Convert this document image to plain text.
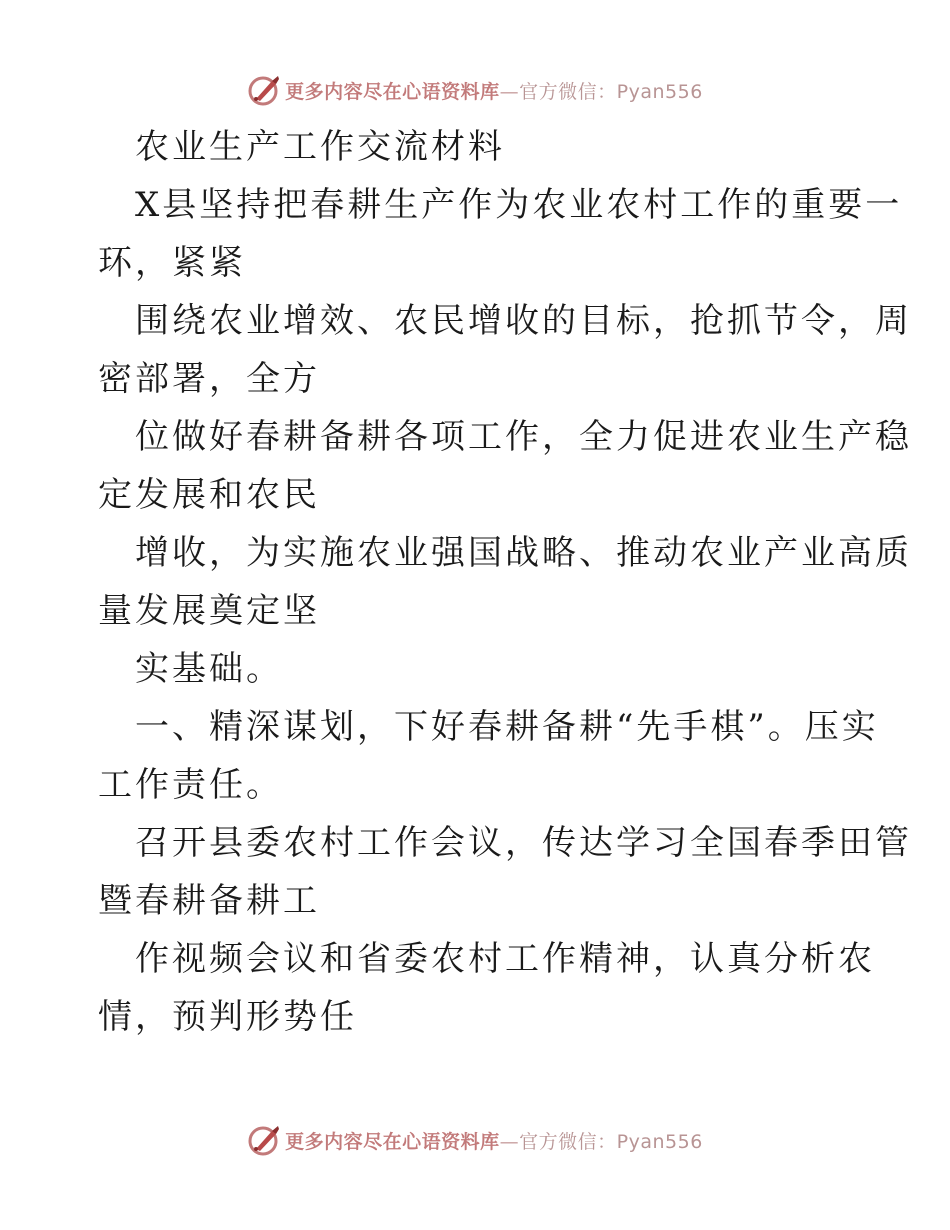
更多内容尽在心语资料库—官方微信：Pyan556
农业生产工作交流材料
X县坚持把春耕生产作为农业农村工作的重要一
环，紧紧
围绕农业增效、农民增收的目标，抢抓节令，周
密部署，全方
位做好春耕备耕各项工作，全力促进农业生产稳
定发展和农民
增收，为实施农业强国战略、推动农业产业高质
量发展奠定坚
实基础。
一、精深谋划，下好春耕备耕“先手棋”。压实
工作责任。
召开县委农村工作会议，传达学习全国春季田管
暨春耕备耕工
作视频会议和省委农村工作精神，认真分析农
情，预判形势任
更多内容尽在心语资料库—官方微信：Pyan556
